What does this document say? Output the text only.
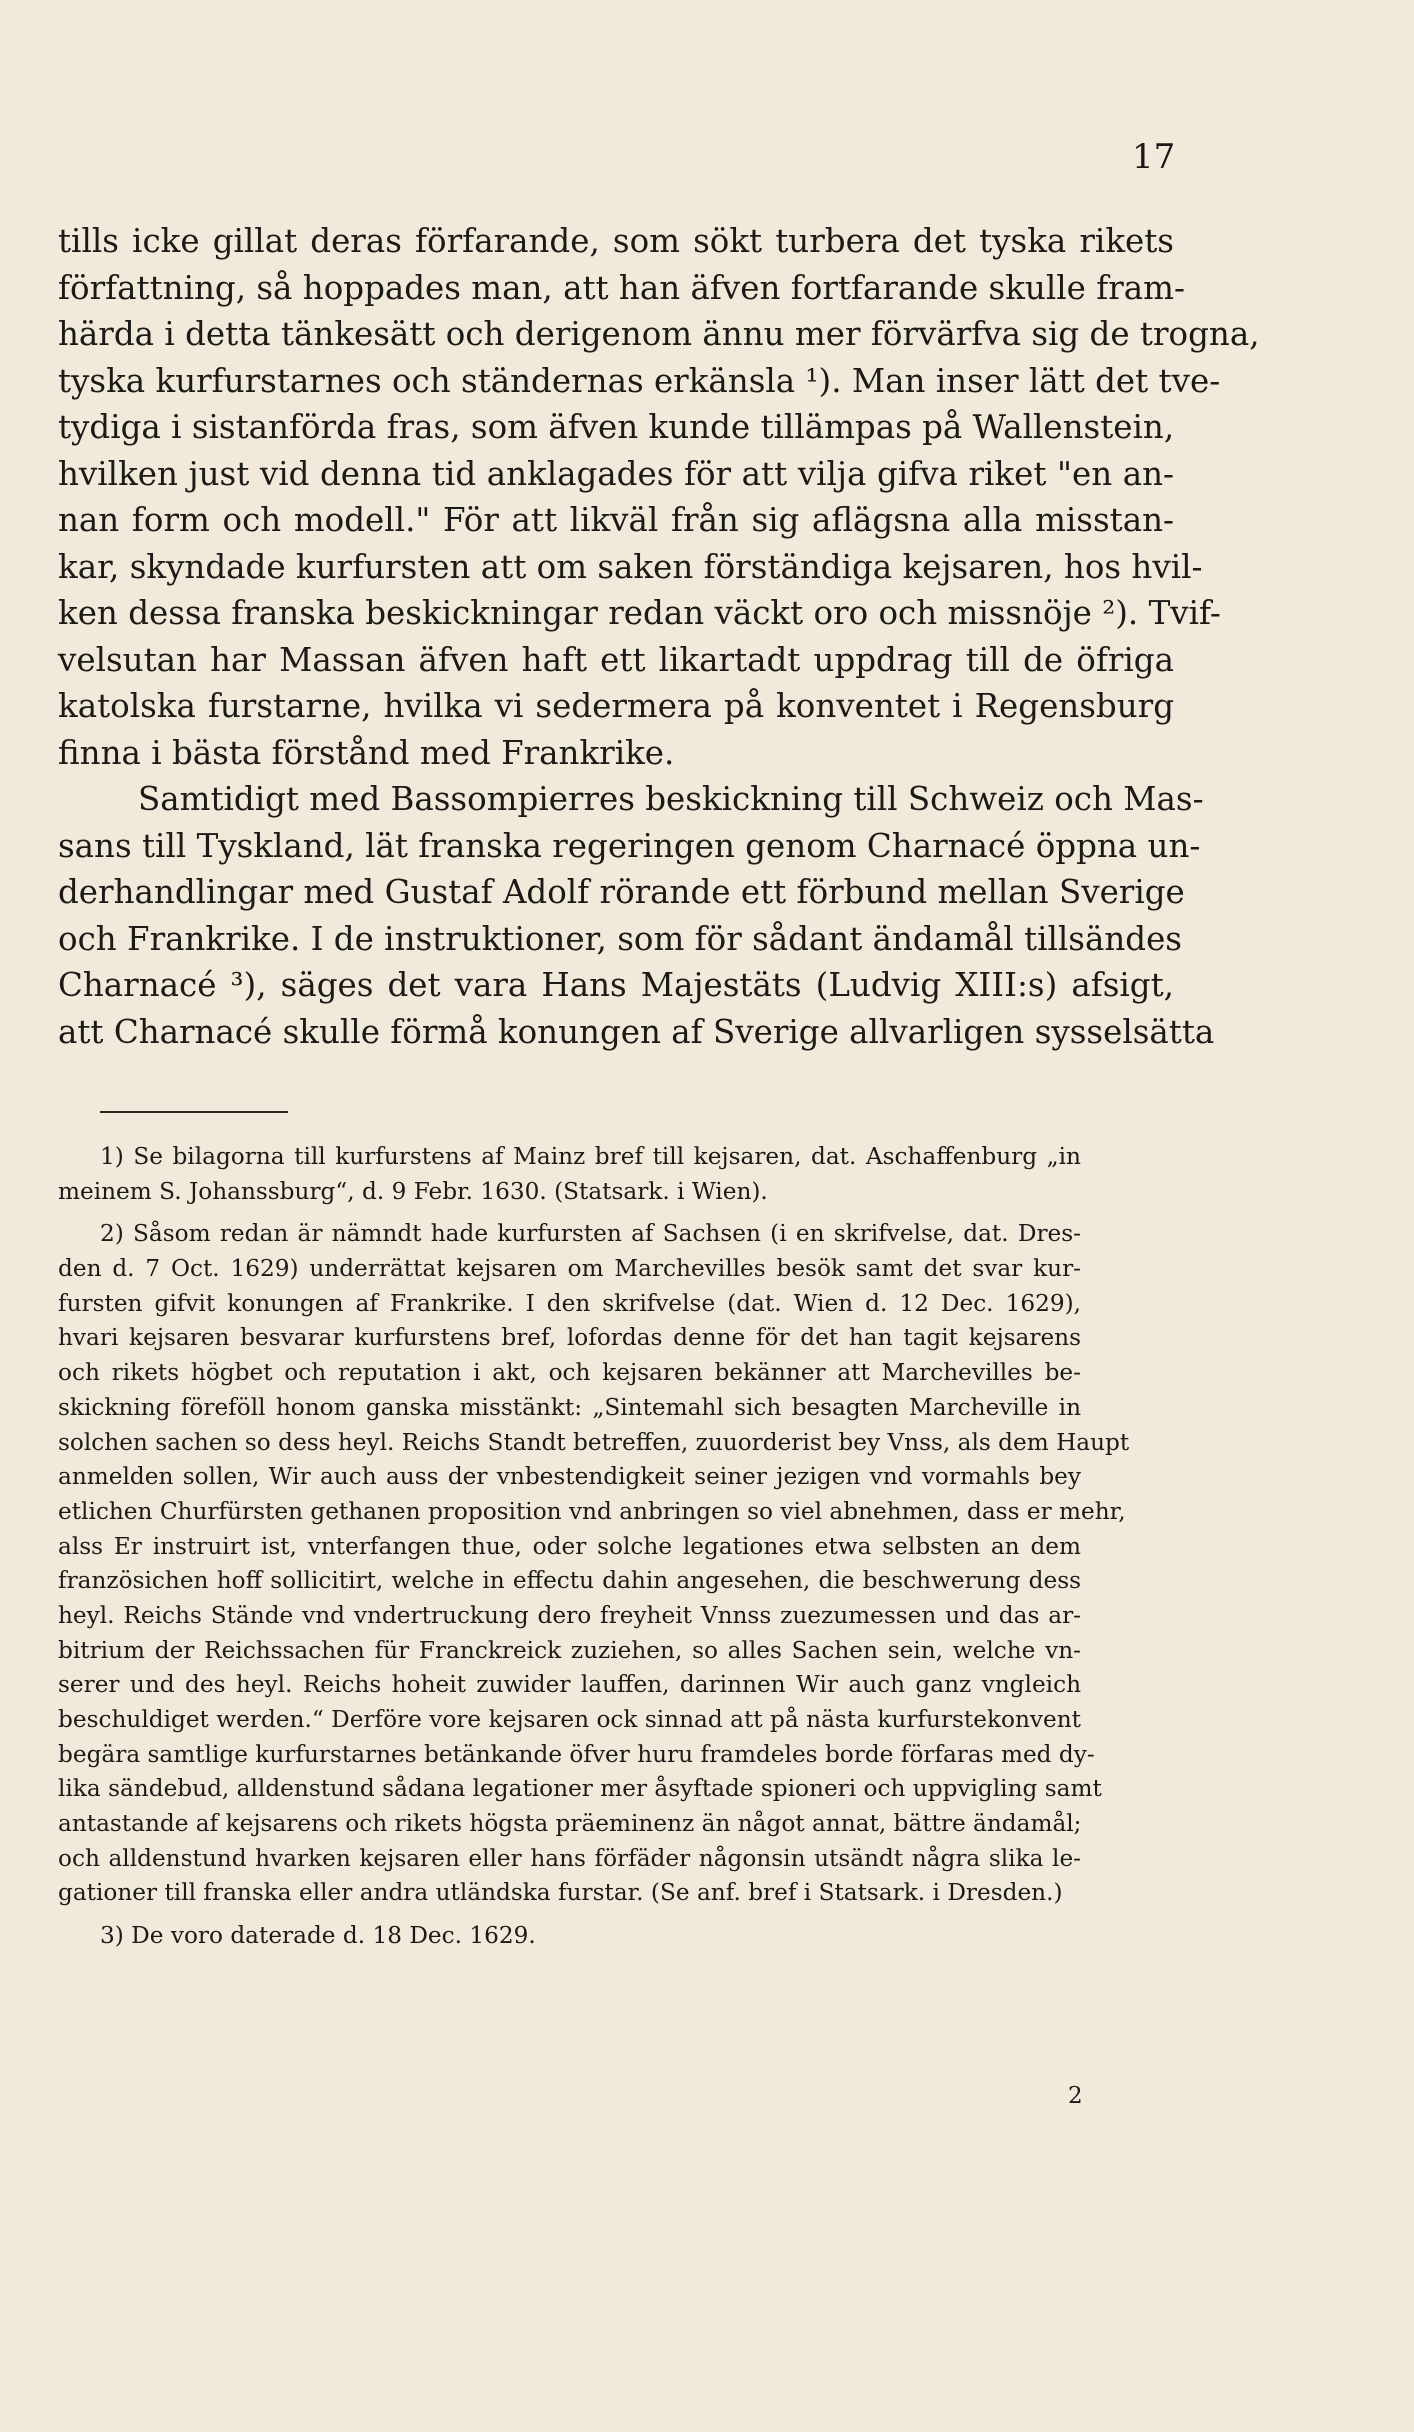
17
tills icke gillat deras förfarande, som sökt turbera det tyska rikets
författning, så hoppades man, att han äfven fortfarande skulle fram-
härda i detta tänkesätt och derigenom ännu mer förvärfva sig de trogna,
tyska kurfurstarnes och ständernas erkänsla ¹). Man inser lätt det tve-
tydiga i sistanförda fras, som äfven kunde tillämpas på Wallenstein,
hvilken just vid denna tid anklagades för att vilja gifva riket "en an-
nan form och modell." För att likväl från sig aflägsna alla misstan-
kar, skyndade kurfursten att om saken förständiga kejsaren, hos hvil-
ken dessa franska beskickningar redan väckt oro och missnöje ²). Tvif-
velsutan har Massan äfven haft ett likartadt uppdrag till de öfriga
katolska furstarne, hvilka vi sedermera på konventet i Regensburg
finna i bästa förstånd med Frankrike.
Samtidigt med Bassompierres beskickning till Schweiz och Mas-
sans till Tyskland, lät franska regeringen genom Charnacé öppna un-
derhandlingar med Gustaf Adolf rörande ett förbund mellan Sverige
och Frankrike. I de instruktioner, som för sådant ändamål tillsändes
Charnacé ³), säges det vara Hans Majestäts (Ludvig XIII:s) afsigt,
att Charnacé skulle förmå konungen af Sverige allvarligen sysselsätta
1) Se bilagorna till kurfurstens af Mainz bref till kejsaren, dat. Aschaffenburg „in
meinem S. Johanssburg“, d. 9 Febr. 1630. (Statsark. i Wien).
2) Såsom redan är nämndt hade kurfursten af Sachsen (i en skrifvelse, dat. Dres-
den d. 7 Oct. 1629) underrättat kejsaren om Marchevilles besök samt det svar kur-
fursten gifvit konungen af Frankrike. I den skrifvelse (dat. Wien d. 12 Dec. 1629),
hvari kejsaren besvarar kurfurstens bref, lofordas denne för det han tagit kejsarens
och rikets högbet och reputation i akt, och kejsaren bekänner att Marchevilles be-
skickning föreföll honom ganska misstänkt: „Sintemahl sich besagten Marcheville in
solchen sachen so dess heyl. Reichs Standt betreffen, zuuorderist bey Vnss, als dem Haupt
anmelden sollen, Wir auch auss der vnbestendigkeit seiner jezigen vnd vormahls bey
etlichen Churfürsten gethanen proposition vnd anbringen so viel abnehmen, dass er mehr,
alss Er instruirt ist, vnterfangen thue, oder solche legationes etwa selbsten an dem
französichen hoff sollicitirt, welche in effectu dahin angesehen, die beschwerung dess
heyl. Reichs Stände vnd vndertruckung dero freyheit Vnnss zuezumessen und das ar-
bitrium der Reichssachen für Franckreick zuziehen, so alles Sachen sein, welche vn-
serer und des heyl. Reichs hoheit zuwider lauffen, darinnen Wir auch ganz vngleich
beschuldiget werden.“ Derföre vore kejsaren ock sinnad att på nästa kurfurstekonvent
begära samtlige kurfurstarnes betänkande öfver huru framdeles borde förfaras med dy-
lika sändebud, alldenstund sådana legationer mer åsyftade spioneri och uppvigling samt
antastande af kejsarens och rikets högsta präeminenz än något annat, bättre ändamål;
och alldenstund hvarken kejsaren eller hans förfäder någonsin utsändt några slika le-
gationer till franska eller andra utländska furstar. (Se anf. bref i Statsark. i Dresden.)
3) De voro daterade d. 18 Dec. 1629.
2
